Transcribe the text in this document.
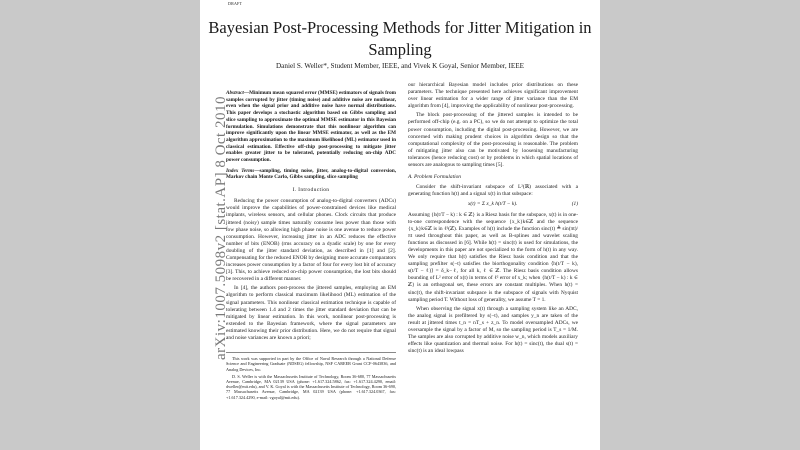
DRAFT
Bayesian Post-Processing Methods for Jitter Mitigation in Sampling
Daniel S. Weller*, Student Member, IEEE, and Vivek K Goyal, Senior Member, IEEE
Abstract—Minimum mean squared error (MMSE) estimators of signals from samples corrupted by jitter (timing noise) and additive noise are nonlinear, even when the signal prior and additive noise have normal distributions. This paper develops a stochastic algorithm based on Gibbs sampling and slice sampling to approximate the optimal MMSE estimator in this Bayesian formulation. Simulations demonstrate that this nonlinear algorithm can improve significantly upon the linear MMSE estimator, as well as the EM algorithm approximation to the maximum likelihood (ML) estimator used in classical estimation. Effective off-chip post-processing to mitigate jitter enables greater jitter to be tolerated, potentially reducing on-chip ADC power consumption.
Index Terms—sampling, timing noise, jitter, analog-to-digital conversion, Markov chain Monte Carlo, Gibbs sampling, slice sampling
I. Introduction

Reducing the power consumption of analog-to-digital converters (ADCs) would improve the capabilities of power-constrained devices like medical implants, wireless sensors, and cellular phones. Clock circuits that produce jittered (noisy) sample times naturally consume less power than those with low phase noise, so allowing high phase noise is one avenue to reduce power consumption. However, increasing jitter in an ADC reduces the effective number of bits (ENOB) (rms accuracy on a dyadic scale) by one for every doubling of the jitter standard deviation, as described in [1] and [2]. Compensating for the reduced ENOB by designing more accurate comparators increases power consumption by a factor of four for every lost bit of accuracy [3]. This, to achieve reduced on-chip power consumption, the lost bits should be recovered in a different manner.

In [4], the authors post-process the jittered samples, employing an EM algorithm to perform classical maximum likelihood (ML) estimation of the signal parameters. This nonlinear classical estimation technique is capable of tolerating between 1.4 and 2 times the jitter standard deviation that can be mitigated by linear estimation. In this work, nonlinear post-processing is extended to the Bayesian framework, where the signal parameters are estimated knowing their prior distribution. Here, we do not require that signal and noise variances are known a priori;

This work was supported in part by the Office of Naval Research through a National Defense Science and Engineering Graduate (NDSEG) fellowship, NSF CAREER Grant CCF-0643836, and Analog Devices, Inc.

D. S. Weller is with the Massachusetts Institute of Technology, Room 36-680, 77 Massachusetts Avenue, Cambridge, MA 02139 USA (phone: +1.617.324.5862, fax: +1.617.324.4290, email: dweller@mit.edu), and V. K. Goyal is with the Massachusetts Institute of Technology, Room 36-690, 77 Massachusetts Avenue, Cambridge, MA 02139 USA (phone: +1.617.324.0367, fax: +1.617.324.4290, e-mail: vgoyal@mit.edu).

our hierarchical Bayesian model includes prior distributions on these parameters. The technique presented here achieves significant improvement over linear estimation for a wider range of jitter variance than the EM algorithm from [4], improving the applicability of nonlinear post-processing.

The block post-processing of the jittered samples is intended to be performed off-chip (e.g. on a PC), so we do not attempt to optimize the total power consumption, including the digital post-processing. However, we are concerned with making prudent choices in algorithm design so that the computational complexity of the post-processing is reasonable. The problem of mitigating jitter also can be motivated by loosening manufacturing tolerances (hence reducing cost) or by problems in which spatial locations of sensors are analogous to sampling times [5].

A. Problem Formulation

Consider the shift-invariant subspace of L²(ℝ) associated with a generating function h(t) and a signal x(t) in that subspace:

x(t) = Σ x_k h(t/T − k).	(1)

Assuming {h(t/T − k) : k ∈ ℤ} is a Riesz basis for the subspace, x(t) is in one-to-one correspondence with the sequence {x_k}k∈ℤ and the sequence {x_k}k∈ℤ is in ℓ²(ℤ). Examples of h(t) include the function sinc(t) ≜ sin(πt)/πt used throughout this paper, as well as B-splines and wavelet scaling functions as discussed in [6]. While h(t) = sinc(t) is used for simulations, the developments in this paper are not specialized to the form of h(t) in any way. We only require that h(t) satisfies the Riesz basis condition and that the sampling prefilter s(−t) satisfies the biorthogonality condition ⟨h(t/T − k), s(t/T − ℓ)⟩ = δ_k−ℓ, for all k, ℓ ∈ ℤ. The Riesz basis condition allows bounding of L² error of x(t) in terms of ℓ² error of x_k; when {h(t/T − k) : k ∈ ℤ} is an orthogonal set, these errors are constant multiples. When h(t) = sinc(t), the shift-invariant subspace is the subspace of signals with Nyquist sampling period T. Without loss of generality, we assume T = 1.

When observing the signal x(t) through a sampling system like an ADC, the analog signal is prefiltered by s(−t), and samples y_n are taken of the result at jittered times t_n = nT_s + z_n. To model oversampled ADCs, we oversample the signal by a factor of M, so the sampling period is T_s = 1/M. The samples are also corrupted by additive noise w_n, which models auxiliary effects like quantization and thermal noise. For h(t) = sinc(t), the dual s(t) = sinc(t) is an ideal lowpass

arXiv:1007.5098v2 [stat.AP] 8 Oct 2010
